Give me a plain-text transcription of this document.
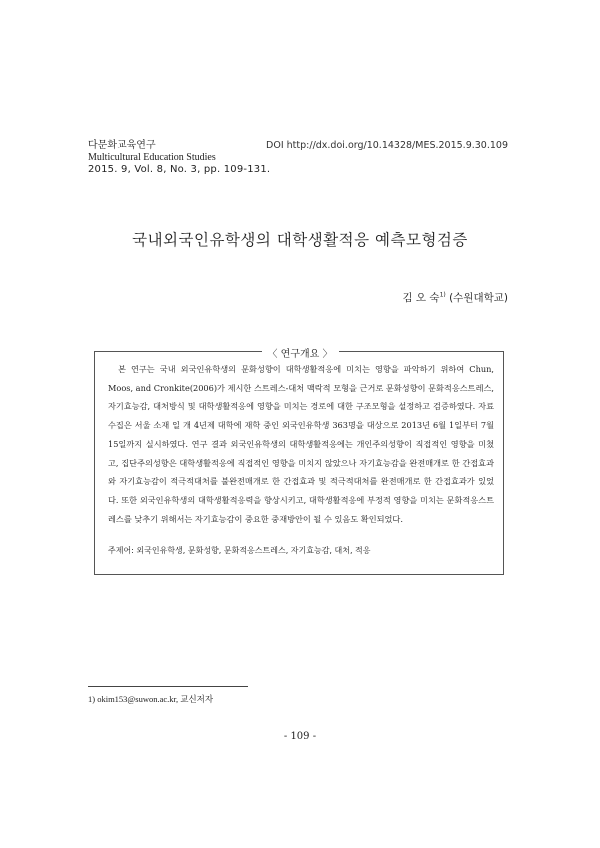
다문화교육연구	DOI http://dx.doi.org/10.14328/MES.2015.9.30.109
Multicultural Education Studies
2015. 9, Vol. 8, No. 3, pp. 109-131.
국내외국인유학생의 대학생활적응 예측모형검증
김 오 숙$^{1)}$ (수원대학교)
〈 연구개요 〉

본 연구는 국내 외국인유학생의 문화성향이 대학생활적응에 미치는 영향을 파악하기 위하여 Chun, Moos, and Cronkite(2006)가 제시한 스트레스-대처 맥락적 모형을 근거로 문화성향이 문화적응스트레스, 자기효능감, 대처방식 및 대학생활적응에 영향을 미치는 경로에 대한 구조모형을 설정하고 검증하였다. 자료 수집은 서울 소재 일 개 4년제 대학에 재학 중인 외국인유학생 363명을 대상으로 2013년 6월 1일부터 7월 15일까지 실시하였다. 연구 결과 외국인유학생의 대학생활적응에는 개인주의성향이 직접적인 영향을 미쳤고, 집단주의성향은 대학생활적응에 직접적인 영향을 미치지 않았으나 자기효능감을 완전매개로 한 간접효과와 자기효능감이 적극적대처를 불완전매개로 한 간접효과 및 적극적대처를 완전매개로 한 간접효과가 있었다. 또한 외국인유학생의 대학생활적응력을 향상시키고, 대학생활적응에 부정적 영향을 미치는 문화적응스트레스를 낮추기 위해서는 자기효능감이 중요한 중재방안이 될 수 있음도 확인되었다.

주제어: 외국인유학생, 문화성향, 문화적응스트레스, 자기효능감, 대처, 적응
1) okim153@suwon.ac.kr, 교신저자
- 109 -
